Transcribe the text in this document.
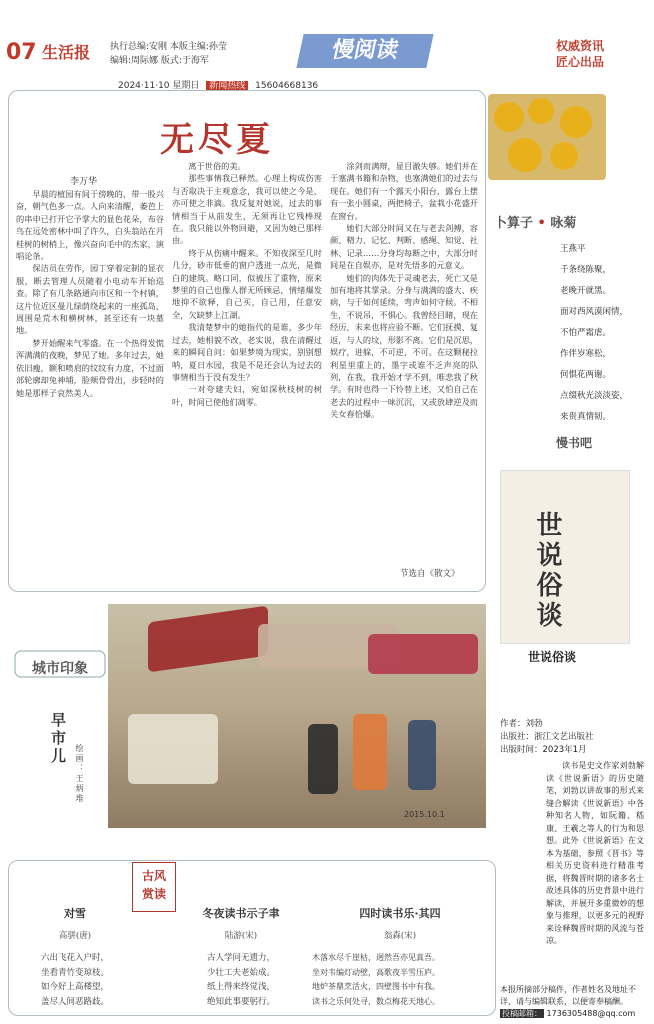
07 生活报 执行总编:安刚 本版主编:孙莹
编辑:周际娜 版式:于海军	慢阅读	权威资讯
匠心出品
2024·11·10 星期日 新闻热线 15604668136
无尽夏
李万华

早晨的植园有间于傍晚的，带一股兴奋，朝气色多一点。人向来清醒，萎芭上的串申已打开它予掌大的显色花朵，布谷鸟在远处密林中叫了许久，白头翁站在月桂树的树梢上，像兴奋向毛中的杰家，演唱论条。

保洁员在劳作，园丁穿着定制的显衣服，断去管理人员随着小电动车开始巡查。除了有几条路通向市区和一个村镇，这片位近区曼儿绿荫绕起来的一座孤岛，周围是荒木和横树林，甚至还有一块墓地。

梦开始醒来气零盛。在一个热得发慌浑满满的夜晚，梦见了她。多年过去，她依旧瘦，额和喷肩的纹纹有力度，不过面部轮廓却兔神埔，脸颊骨骨出，步轻时的她是那样子哀然美人。

离于世俗的美。

那些事情我已释然。心理上构成伤害与否取决于主观意念，我可以使之今是，亦可使之非滴。我反复对她说，过去的事情相当于从前发生，无须再让它残棒现在。我只能以外物回避，又因为她已那样由。

终于从伤痛中醒来。不知夜深至几时几分，砂市低垂的窗户透进一点光，是微白的建筑。略口同，似被压了重物，原来梦里的自己也像人群无所顾忌，情绪爆发地抑不欲释，自己买，自己用，任意安全，欠缺梦上江湖。

我清楚梦中的她指代的是谁，多少年过去，她相貌不改，老实说，我在清醒过来的瞬间自问：如果梦境为现实，别别想呐，夏日水园，我是不是还会认为过去的事情相当于没有发生？

一对夸建夫妇，宛如深秋枝树的树叶，时间已使他们凋零。

涂剑而满辩，显目澈失够。她们并在于塞满书籍和杂物，也塞满她们的过去与现在。她们有一个露天小阳台，露台上摆有一张小圆桌，两把椅子，盆栽小花盛开在窗台。

她们大部分时间又在与老去剑搏，容颜、精力、记忆、判断、感绳、知觉、社林、记录……分身均每断之中，大部分时间是在自娱亦，是对先悟多的元意义。

她们的肉体先于灵魂老去，死亡又是加有地将其掌录。分身与满满的盛大、疾病，与于如何延续，弯声如何守候。不相生，不说吊，不惧心。我曾经目睹，现在经历，未来也将应验不断。它们抚摸、复返，与人的坟，形影不离。它们是沉思，娱疗，进躲，不可逆，不可。在这颗秘拉利星里重上的，墨字或谁不乏声亮的队列，在我，我开始才学不到，唯悲我了秋学。有时也得一下怜替上述，又怕自己在老去的过程中一味沉沉，又或放肆逆及而关女春恰爆。

节选自《散文》
卜算子 • 咏菊
王燕平
千条绕陈聚，
老晚开就黑。
面对西风漠闲情，
不怕严霜虐。
作伴岁寒松，
何惧花两谢。
点缀秋光淡淡姿，
来贵真情韧。
慢书吧
世说俗谈
世说俗谈
作者：刘勃
出版社：浙江文艺出版社
出版时间：2023年1月

读书是史文作家刘勃解读《世说新语》的历史随笔，刘勃以讲故事的形式来缝合解读《世说新语》中各种知名人物，如阮籍、嵇康、王羲之等人的行为和思想。此外《世说新语》在文本为基础，参照《晋书》等相关历史资料进行精准考据，将魏晋时期的诸多名士故述具体的历史背景中进行解读，并展开多重微妙的想象与推理，以更多元的视野来诠释魏晋时期的风流与苍凉。

本报所摘部分稿件，作者姓名及地址不详，请与编辑联系，以便寄奉稿酬。
投稿邮箱： 1736305488@qq.com
2015.10.1
城市印象
早市儿
绘画：王炳堆
古风
赏读
对雪
高骈(唐)
六出飞花入户时，
坐看青竹变琼枝。
如今好上高楼望，
盖尽人间恶路歧。
冬夜读书示子聿
陆游(宋)
古人学问无遗力，
少壮工夫老始成。
纸上得来终觉浅，
绝知此事要躬行。
四时读书乐·其四
翁森(宋)
木落水尽千崖枯，迥然吾亦见真吾。
坐对韦编灯动壁，高歌夜半雪压庐。
地炉茶鼎烹活火，四壁图书中有我。
读书之乐何处寻，数点梅花天地心。
